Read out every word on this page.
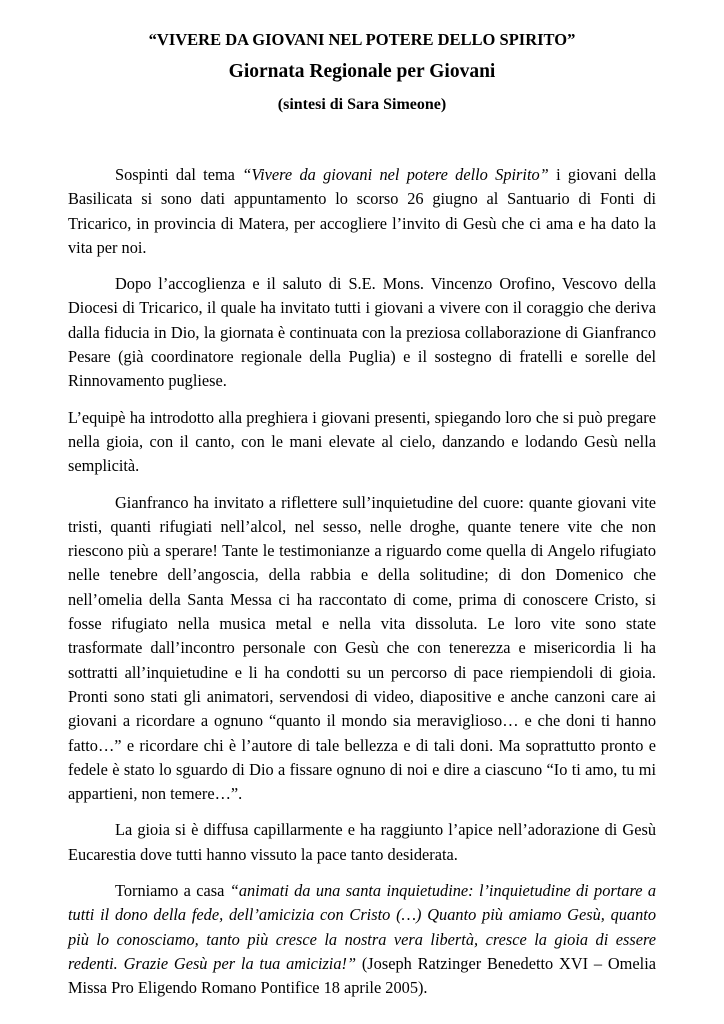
“VIVERE DA GIOVANI NEL POTERE DELLO SPIRITO”
Giornata Regionale per Giovani
(sintesi di Sara Simeone)

Sospinti dal tema “Vivere da giovani nel potere dello Spirito” i giovani della Basilicata si sono dati appuntamento lo scorso 26 giugno al Santuario di Fonti di Tricarico, in provincia di Matera, per accogliere l’invito di Gesù che ci ama e ha dato la vita per noi.

Dopo l’accoglienza e il saluto di S.E. Mons. Vincenzo Orofino, Vescovo della Diocesi di Tricarico, il quale ha invitato tutti i giovani a vivere con il coraggio che deriva dalla fiducia in Dio, la giornata è continuata con la preziosa collaborazione di Gianfranco Pesare (già coordinatore regionale della Puglia) e il sostegno di fratelli e sorelle del Rinnovamento pugliese.

L’equipè ha introdotto alla preghiera i giovani presenti, spiegando loro che si può pregare nella gioia, con il canto, con le mani elevate al cielo, danzando e lodando Gesù nella semplicità.

Gianfranco ha invitato a riflettere sull’inquietudine del cuore: quante giovani vite tristi, quanti rifugiati nell’alcol, nel sesso, nelle droghe, quante tenere vite che non riescono più a sperare! Tante le testimonianze a riguardo come quella di Angelo rifugiato nelle tenebre dell’angoscia, della rabbia e della solitudine; di don Domenico che nell’omelia della Santa Messa ci ha raccontato di come, prima di conoscere Cristo, si fosse rifugiato nella musica metal e nella vita dissoluta. Le loro vite sono state trasformate dall’incontro personale con Gesù che con tenerezza e misericordia li ha sottratti all’inquietudine e li ha condotti su un percorso di pace riempiendoli di gioia. Pronti sono stati gli animatori, servendosi di video, diapositive e anche canzoni care ai giovani a ricordare a ognuno “quanto il mondo sia meraviglioso… e che doni ti hanno fatto…” e ricordare chi è l’autore di tale bellezza e di tali doni. Ma soprattutto pronto e fedele è stato lo sguardo di Dio a fissare ognuno di noi e dire a ciascuno “Io ti amo, tu mi appartieni, non temere…”.

La gioia si è diffusa capillarmente e ha raggiunto l’apice nell’adorazione di Gesù Eucarestia dove tutti hanno vissuto la pace tanto desiderata.

Torniamo a casa “animati da una santa inquietudine: l’inquietudine di portare a tutti il dono della fede, dell’amicizia con Cristo (…) Quanto più amiamo Gesù, quanto più lo conosciamo, tanto più cresce la nostra vera libertà, cresce la gioia di essere redenti. Grazie Gesù per la tua amicizia!” (Joseph Ratzinger Benedetto XVI – Omelia Missa Pro Eligendo Romano Pontifice 18 aprile 2005).
